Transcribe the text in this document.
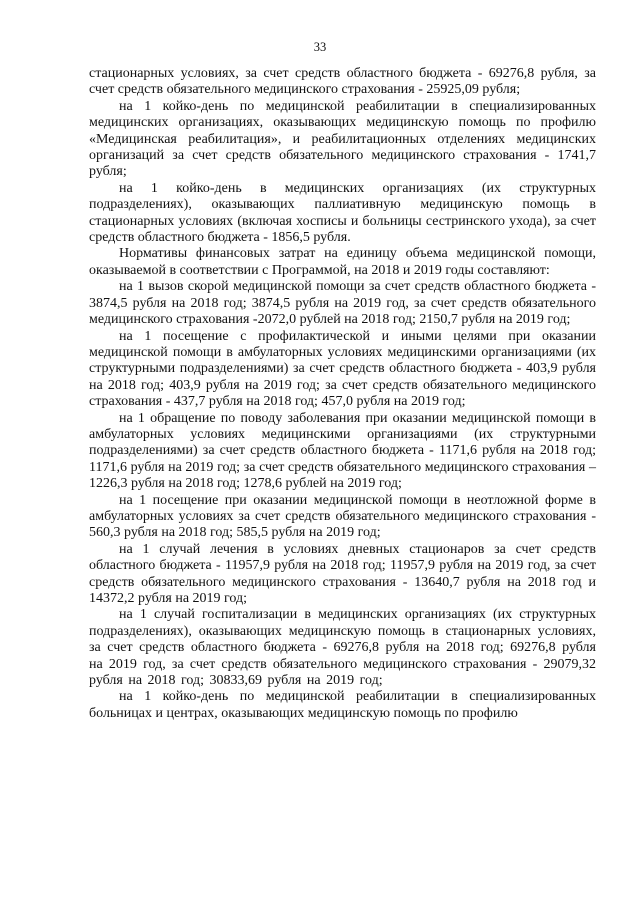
33

стационарных условиях, за счет средств областного бюджета - 69276,8 рубля, за счет средств обязательного медицинского страхования - 25925,09 рубля;

на 1 койко-день по медицинской реабилитации в специализированных медицинских организациях, оказывающих медицинскую помощь по профилю «Медицинская реабилитация», и реабилитационных отделениях медицинских организаций за счет средств обязательного медицинского страхования - 1741,7 рубля;

на 1 койко-день в медицинских организациях (их структурных подразделениях), оказывающих паллиативную медицинскую помощь в стационарных условиях (включая хосписы и больницы сестринского ухода), за счет средств областного бюджета - 1856,5 рубля.

Нормативы финансовых затрат на единицу объема медицинской помощи, оказываемой в соответствии с Программой, на 2018 и 2019 годы составляют:

на 1 вызов скорой медицинской помощи за счет средств областного бюджета - 3874,5 рубля на 2018 год; 3874,5 рубля на 2019 год, за счет средств обязательного медицинского страхования -2072,0 рублей на 2018 год; 2150,7 рубля на 2019 год;

на 1 посещение с профилактической и иными целями при оказании медицинской помощи в амбулаторных условиях медицинскими организациями (их структурными подразделениями) за счет средств областного бюджета - 403,9 рубля на 2018 год; 403,9 рубля на 2019 год; за счет средств обязательного медицинского страхования - 437,7 рубля на 2018 год; 457,0 рубля на 2019 год;

на 1 обращение по поводу заболевания при оказании медицинской помощи в амбулаторных условиях медицинскими организациями (их структурными подразделениями) за счет средств областного бюджета - 1171,6 рубля на 2018 год; 1171,6 рубля на 2019 год; за счет средств обязательного медицинского страхования – 1226,3 рубля на 2018 год; 1278,6 рублей на 2019 год;

на 1 посещение при оказании медицинской помощи в неотложной форме в амбулаторных условиях за счет средств обязательного медицинского страхования - 560,3 рубля на 2018 год; 585,5 рубля на 2019 год;

на 1 случай лечения в условиях дневных стационаров за счет средств областного бюджета - 11957,9 рубля на 2018 год; 11957,9 рубля на 2019 год, за счет средств обязательного медицинского страхования - 13640,7 рубля на 2018 год и 14372,2 рубля на 2019 год;

на 1 случай госпитализации в медицинских организациях (их структурных подразделениях), оказывающих медицинскую помощь в стационарных условиях, за счет средств областного бюджета - 69276,8 рубля на 2018 год; 69276,8 рубля на 2019 год, за счет средств обязательного медицинского страхования - 29079,32 рубля на 2018 год; 30833,69 рубля на 2019 год;

на 1 койко-день по медицинской реабилитации в специализированных больницах и центрах, оказывающих медицинскую помощь по профилю
